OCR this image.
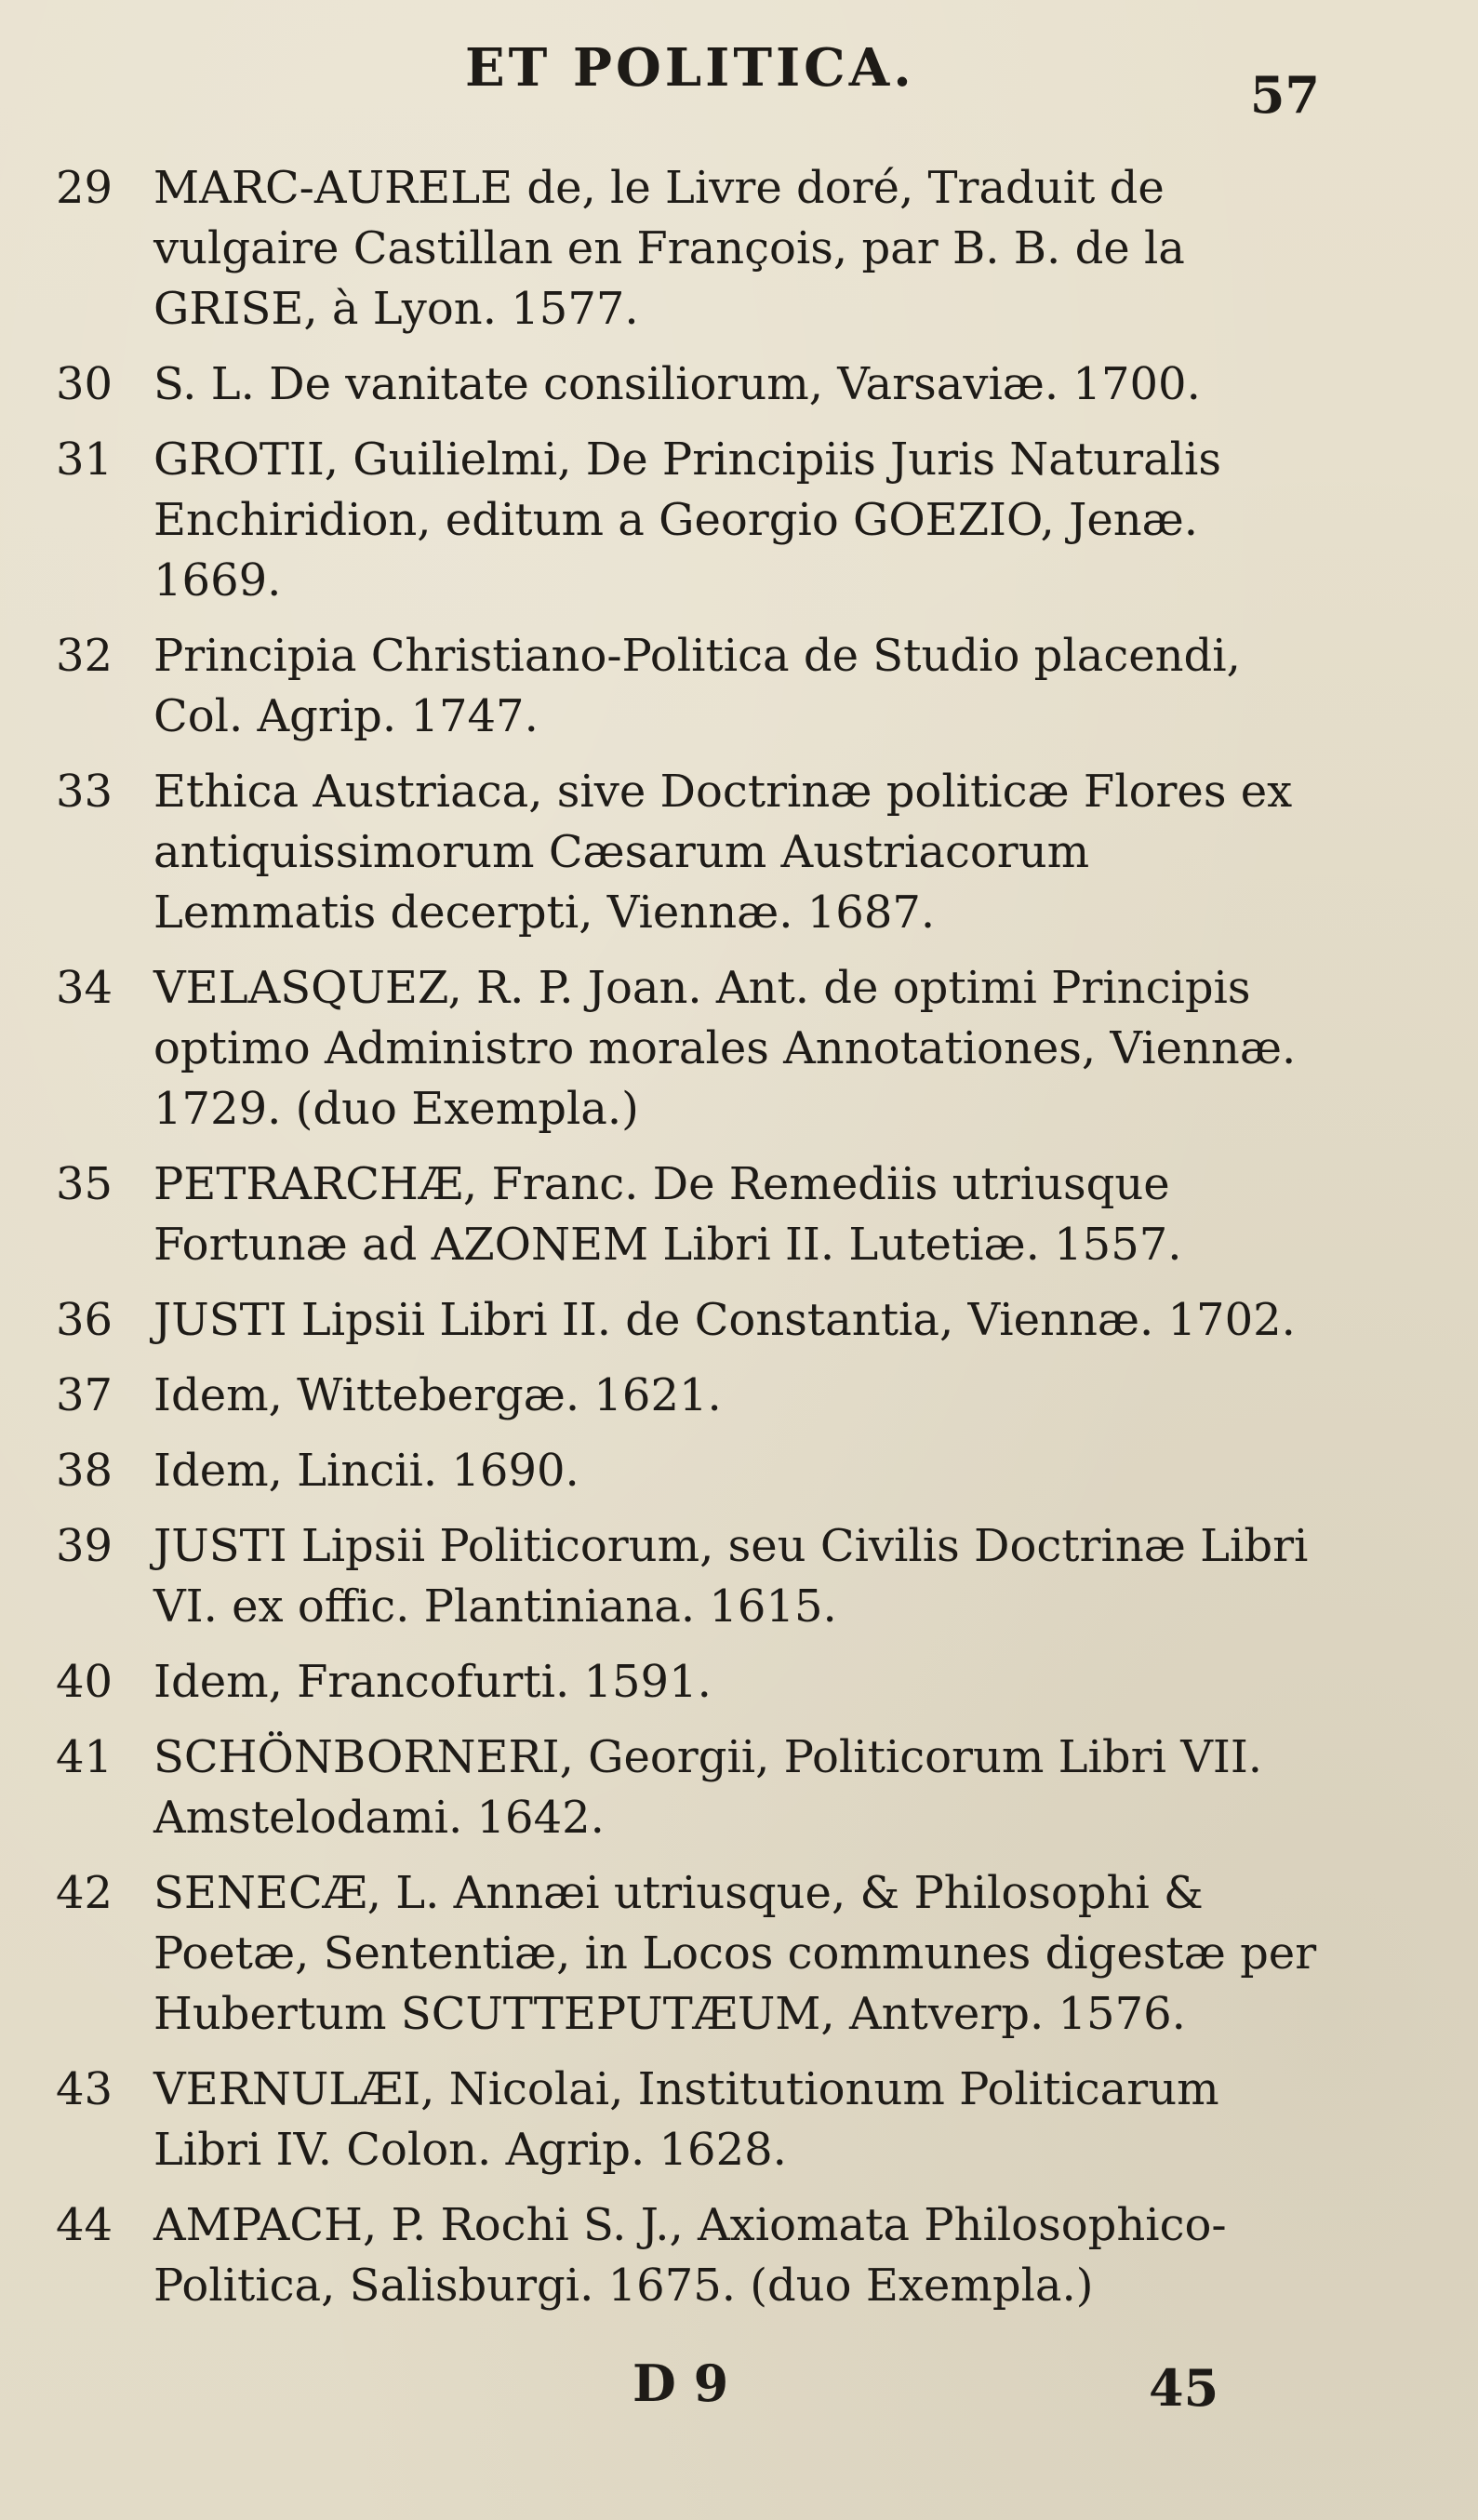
ET POLITICA.	57
29 MARC-AURELE de, le Livre doré, Traduit de vulgaire Castillan en François, par B. B. de la GRISE, à Lyon. 1577.
30 S. L. De vanitate consiliorum, Varsaviæ. 1700.
31 GROTII, Guilielmi, De Principiis Juris Naturalis Enchiridion, editum a Georgio GOEZIO, Jenæ. 1669.
32 Principia Christiano-Politica de Studio placendi, Col. Agrip. 1747.
33 Ethica Austriaca, sive Doctrinæ politicæ Flores ex antiquissimorum Cæsarum Austriacorum Lemmatis decerpti, Viennæ. 1687.
34 VELASQUEZ, R. P. Joan. Ant. de optimi Principis optimo Administro morales Annotationes, Viennæ. 1729. (duo Exempla.)
35 PETRARCHÆ, Franc. De Remediis utriusque Fortunæ ad AZONEM Libri II. Lutetiæ. 1557.
36 JUSTI Lipsii Libri II. de Constantia, Viennæ. 1702.
37 Idem, Wittebergæ. 1621.
38 Idem, Lincii. 1690.
39 JUSTI Lipsii Politicorum, seu Civilis Doctrinæ Libri VI. ex offic. Plantiniana. 1615.
40 Idem, Francofurti. 1591.
41 SCHÖNBORNERI, Georgii, Politicorum Libri VII. Amstelodami. 1642.
42 SENECÆ, L. Annæi utriusque, & Philosophi & Poetæ, Sententiæ, in Locos communes digestæ per Hubertum SCUTTEPUTÆUM, Antverp. 1576.
43 VERNULÆI, Nicolai, Institutionum Politicarum Libri IV. Colon. Agrip. 1628.
44 AMPACH, P. Rochi S. J., Axiomata Philosophico-Politica, Salisburgi. 1675. (duo Exempla.)
D 9	45
